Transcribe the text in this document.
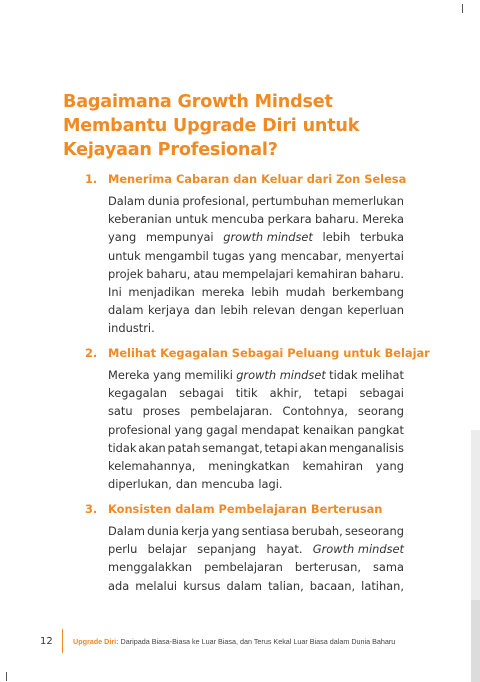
Bagaimana Growth Mindset
Membantu Upgrade Diri untuk
Kejayaan Profesional?
1. Menerima Cabaran dan Keluar dari Zon Selesa
Dalam dunia profesional, pertumbuhan memerlukan
keberanian untuk mencuba perkara baharu. Mereka
yang mempunyai growth mindset lebih terbuka
untuk mengambil tugas yang mencabar, menyertai
projek baharu, atau mempelajari kemahiran baharu.
Ini menjadikan mereka lebih mudah berkembang
dalam kerjaya dan lebih relevan dengan keperluan
industri.
2. Melihat Kegagalan Sebagai Peluang untuk Belajar
Mereka yang memiliki growth mindset tidak melihat
kegagalan sebagai titik akhir, tetapi sebagai
satu proses pembelajaran. Contohnya, seorang
profesional yang gagal mendapat kenaikan pangkat
tidak akan patah semangat, tetapi akan menganalisis
kelemahannya, meningkatkan kemahiran yang
diperlukan, dan mencuba lagi.
3. Konsisten dalam Pembelajaran Berterusan
Dalam dunia kerja yang sentiasa berubah, seseorang
perlu belajar sepanjang hayat. Growth mindset
menggalakkan pembelajaran berterusan, sama
ada melalui kursus dalam talian, bacaan, latihan,
12	Upgrade Diri: Daripada Biasa-Biasa ke Luar Biasa, dan Terus Kekal Luar Biasa dalam Dunia Baharu
